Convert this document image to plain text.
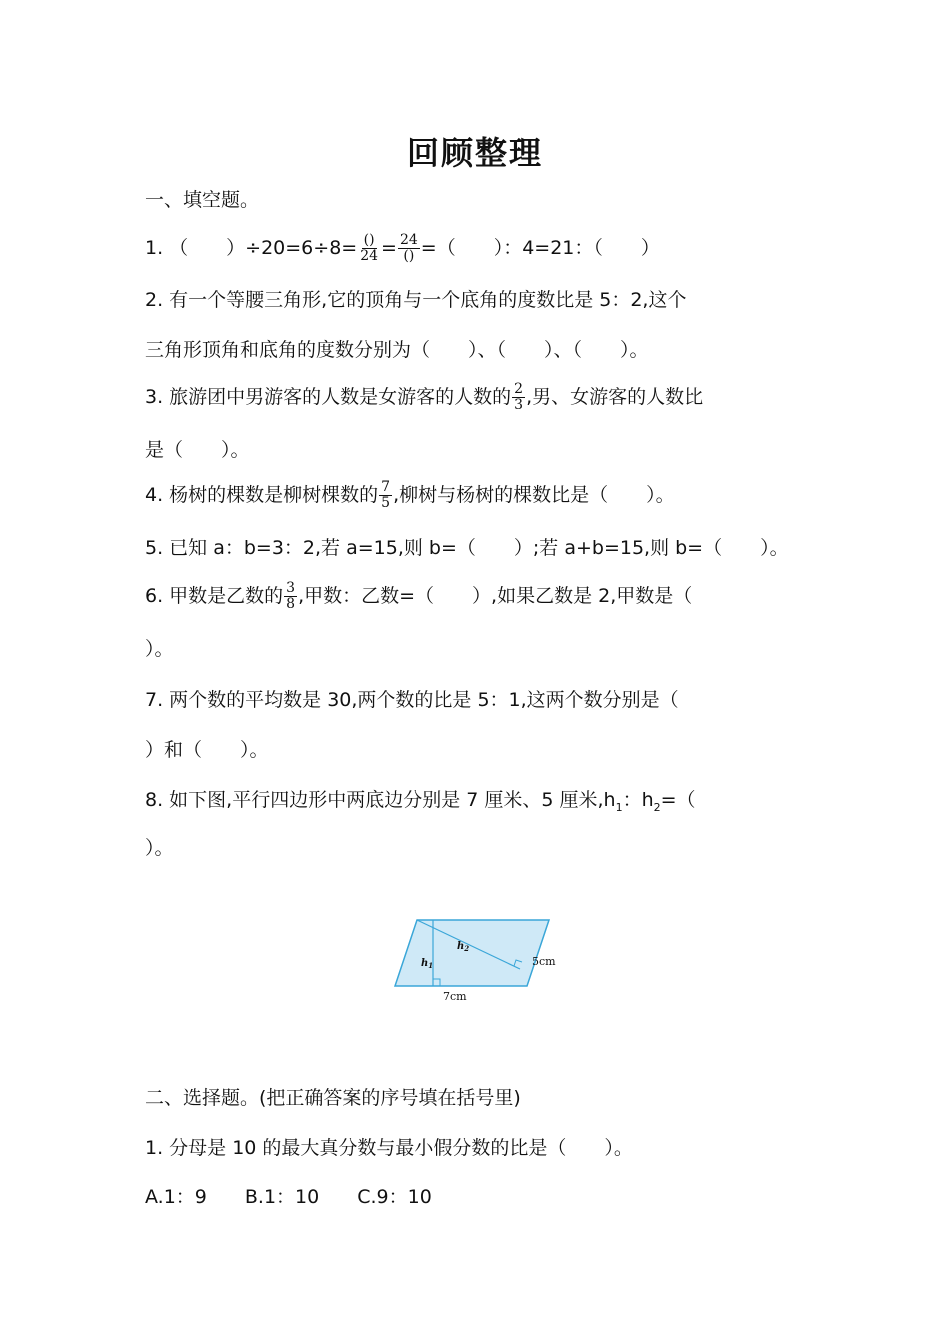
回顾整理
一、填空题。
1. （　　）$\div 20=6\div 8= \frac{()}{24} = \frac{24}{()}$ =（　　）：4=21：（　　）
2. 有一个等腰三角形,它的顶角与一个底角的度数比是 5：2,这个
三角形顶角和底角的度数分别为（　　）、（　　）、（　　）。
3. 旅游团中男游客的人数是女游客的人数的 $\frac{2}{3}$ ,男、女游客的人数比
是（　　）。
4. 杨树的棵数是柳树棵数的 $\frac{7}{5}$ ,柳树与杨树的棵数比是（　　）。
5. 已知 a：b=3：2,若 a=15,则 b=（　　）;若 a+b=15,则 b=（　　）。
6. 甲数是乙数的 $\frac{3}{8}$ ,甲数：乙数=（　　）,如果乙数是 2,甲数是（
）。
7. 两个数的平均数是 30,两个数的比是 5：1,这两个数分别是（
）和（　　）。
8. 如下图,平行四边形中两底边分别是 7 厘米、5 厘米$,h_1$：$h_2=$（
）。
$h_1$
$h_2$
5cm
7cm
二、选择题。(把正确答案的序号填在括号里)
1. 分母是 10 的最大真分数与最小假分数的比是（　　）。
A.1：9　　B.1：10　　C.9：10
